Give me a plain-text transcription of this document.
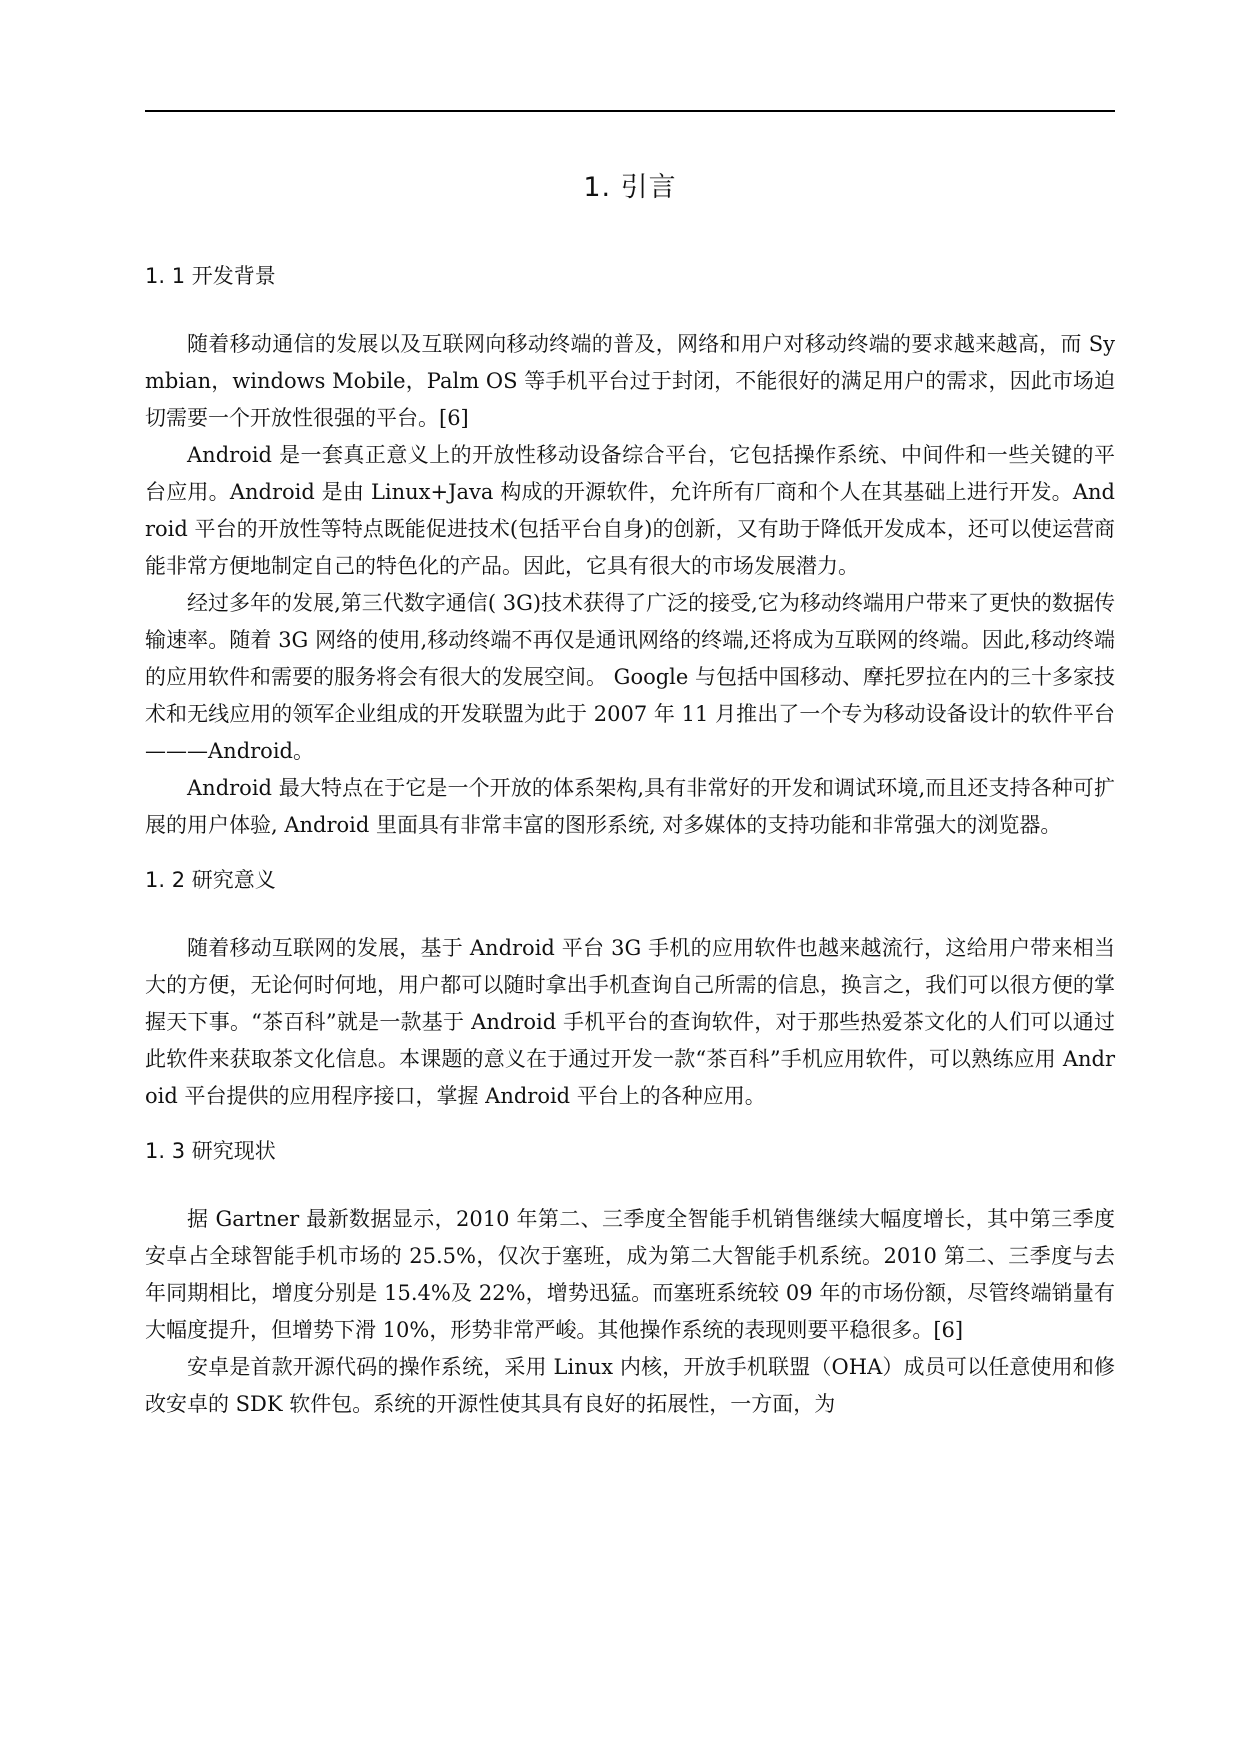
1. 引言
1. 1 开发背景

随着移动通信的发展以及互联网向移动终端的普及，网络和用户对移动终端的要求越来越高，而 Symbian，windows Mobile，Palm OS 等手机平台过于封闭，不能很好的满足用户的需求，因此市场迫切需要一个开放性很强的平台。[6]

Android 是一套真正意义上的开放性移动设备综合平台，它包括操作系统、中间件和一些关键的平台应用。Android 是由 Linux+Java 构成的开源软件，允许所有厂商和个人在其基础上进行开发。Android 平台的开放性等特点既能促进技术(包括平台自身)的创新，又有助于降低开发成本，还可以使运营商能非常方便地制定自己的特色化的产品。因此，它具有很大的市场发展潜力。

经过多年的发展,第三代数字通信( 3G)技术获得了广泛的接受,它为移动终端用户带来了更快的数据传输速率。随着 3G 网络的使用,移动终端不再仅是通讯网络的终端,还将成为互联网的终端。因此,移动终端的应用软件和需要的服务将会有很大的发展空间。 Google 与包括中国移动、摩托罗拉在内的三十多家技术和无线应用的领军企业组成的开发联盟为此于 2007 年 11 月推出了一个专为移动设备设计的软件平台———Android。

Android 最大特点在于它是一个开放的体系架构,具有非常好的开发和调试环境,而且还支持各种可扩展的用户体验, Android 里面具有非常丰富的图形系统, 对多媒体的支持功能和非常强大的浏览器。

1. 2 研究意义

随着移动互联网的发展，基于 Android 平台 3G 手机的应用软件也越来越流行，这给用户带来相当大的方便，无论何时何地，用户都可以随时拿出手机查询自己所需的信息，换言之，我们可以很方便的掌握天下事。“茶百科”就是一款基于 Android 手机平台的查询软件，对于那些热爱茶文化的人们可以通过此软件来获取茶文化信息。本课题的意义在于通过开发一款“茶百科”手机应用软件，可以熟练应用 Android 平台提供的应用程序接口，掌握 Android 平台上的各种应用。

1. 3 研究现状

据 Gartner 最新数据显示，2010 年第二、三季度全智能手机销售继续大幅度增长，其中第三季度安卓占全球智能手机市场的 25.5%，仅次于塞班，成为第二大智能手机系统。2010 第二、三季度与去年同期相比，增度分别是 15.4%及 22%，增势迅猛。而塞班系统较 09 年的市场份额，尽管终端销量有大幅度提升，但增势下滑 10%，形势非常严峻。其他操作系统的表现则要平稳很多。[6]

安卓是首款开源代码的操作系统，采用 Linux 内核，开放手机联盟（OHA）成员可以任意使用和修改安卓的 SDK 软件包。系统的开源性使其具有良好的拓展性，一方面，为
